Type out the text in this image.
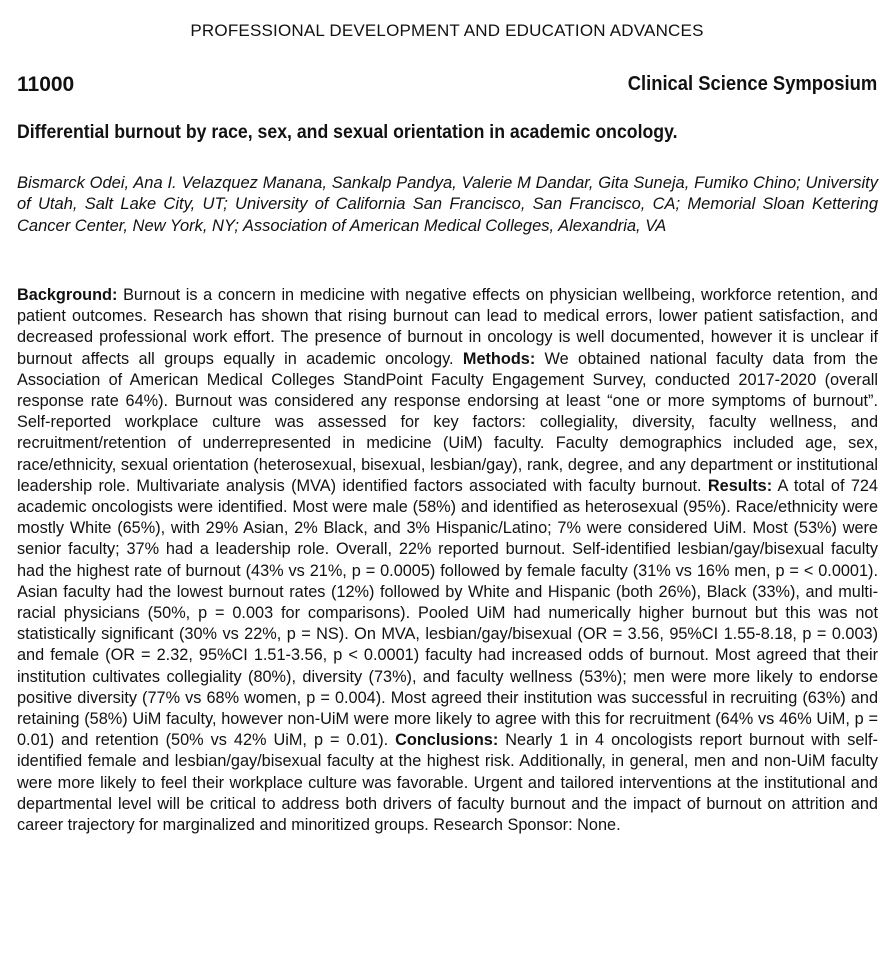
PROFESSIONAL DEVELOPMENT AND EDUCATION ADVANCES
11000	Clinical Science Symposium
Differential burnout by race, sex, and sexual orientation in academic oncology.
Bismarck Odei, Ana I. Velazquez Manana, Sankalp Pandya, Valerie M Dandar, Gita Suneja, Fumiko Chino; University of Utah, Salt Lake City, UT; University of California San Francisco, San Francisco, CA; Memorial Sloan Kettering Cancer Center, New York, NY; Association of American Medical Colleges, Alexandria, VA
Background: Burnout is a concern in medicine with negative effects on physician wellbeing, workforce retention, and patient outcomes. Research has shown that rising burnout can lead to medical errors, lower patient satisfaction, and decreased professional work effort. The presence of burnout in oncology is well documented, however it is unclear if burnout affects all groups equally in academic oncology. Methods: We obtained national faculty data from the Association of American Medical Colleges StandPoint Faculty Engagement Survey, conducted 2017-2020 (overall response rate 64%). Burnout was considered any response endorsing at least “one or more symptoms of burnout”. Self-reported workplace culture was assessed for key factors: collegiality, diversity, faculty wellness, and recruitment/retention of underrepresented in medicine (UiM) faculty. Faculty demographics included age, sex, race/ethnicity, sexual orientation (heterosexual, bisexual, lesbian/gay), rank, degree, and any department or institutional leadership role. Multivariate analysis (MVA) identified factors associated with faculty burnout. Results: A total of 724 academic oncologists were identified. Most were male (58%) and identified as heterosexual (95%). Race/ethnicity were mostly White (65%), with 29% Asian, 2% Black, and 3% Hispanic/Latino; 7% were considered UiM. Most (53%) were senior faculty; 37% had a leadership role. Overall, 22% reported burnout. Self-identified lesbian/gay/bisexual faculty had the highest rate of burnout (43% vs 21%, p = 0.0005) followed by female faculty (31% vs 16% men, p = < 0.0001). Asian faculty had the lowest burnout rates (12%) followed by White and Hispanic (both 26%), Black (33%), and multi-racial physicians (50%, p = 0.003 for comparisons). Pooled UiM had numerically higher burnout but this was not statistically significant (30% vs 22%, p = NS). On MVA, lesbian/gay/bisexual (OR = 3.56, 95%CI 1.55-8.18, p = 0.003) and female (OR = 2.32, 95%CI 1.51-3.56, p < 0.0001) faculty had increased odds of burnout. Most agreed that their institution cultivates collegiality (80%), diversity (73%), and faculty wellness (53%); men were more likely to endorse positive diversity (77% vs 68% women, p = 0.004). Most agreed their institution was successful in recruiting (63%) and retaining (58%) UiM faculty, however non-UiM were more likely to agree with this for recruitment (64% vs 46% UiM, p = 0.01) and retention (50% vs 42% UiM, p = 0.01). Conclusions: Nearly 1 in 4 oncologists report burnout with self-identified female and lesbian/gay/bisexual faculty at the highest risk. Additionally, in general, men and non-UiM faculty were more likely to feel their workplace culture was favorable. Urgent and tailored interventions at the institutional and departmental level will be critical to address both drivers of faculty burnout and the impact of burnout on attrition and career trajectory for marginalized and minoritized groups. Research Sponsor: None.
